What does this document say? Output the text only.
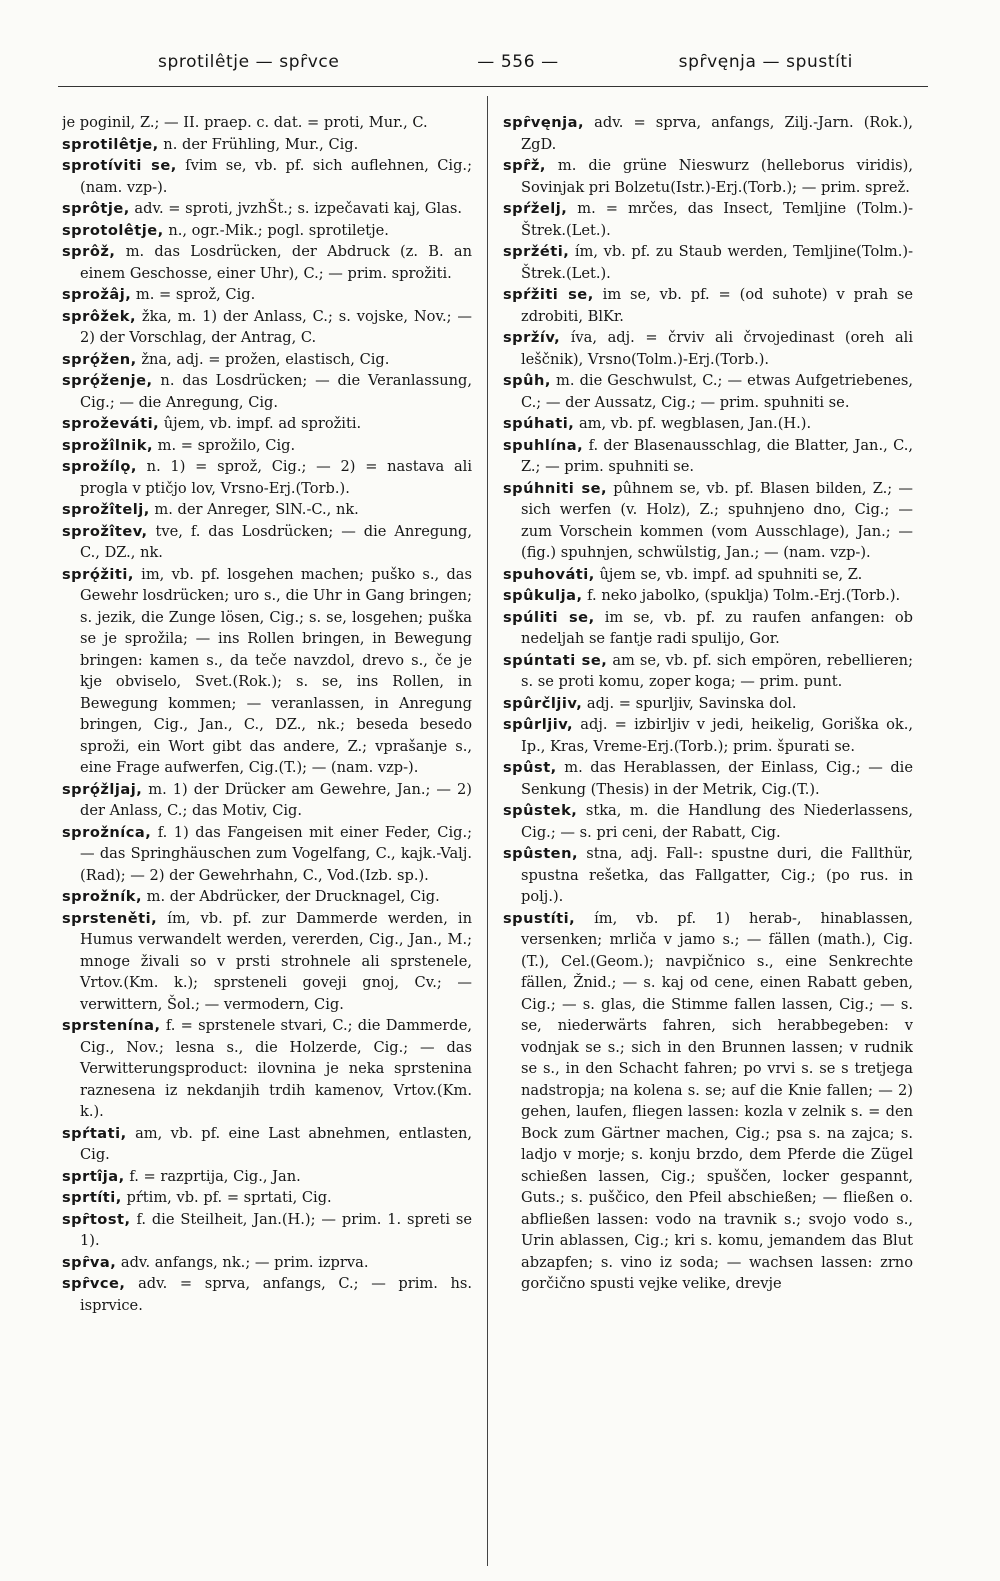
sprotilêtje — spȓvce	— 556 —	spȓvęnja — spustíti

je poginil, Z.; — II. praep. c. dat. = proti, Mur., C.

sprotilêtje, n. der Frühling, Mur., Cig.

sprotíviti se, ſvim se, vb. pf. sich auflehnen, Cig.; (nam. vzp-).

sprôtje, adv. = sproti, jvzhŠt.; s. izpečavati kaj, Glas.

sprotolêtje, n., ogr.-Mik.; pogl. sprotiletje.

sprôž, m. das Losdrücken, der Abdruck (z. B. an einem Geschosse, einer Uhr), C.; — prim. sprožiti.

sprožâj, m. = sprož, Cig.

sprôžek, žka, m. 1) der Anlass, C.; s. vojske, Nov.; — 2) der Vorschlag, der Antrag, C.

sprǫ́žen, žna, adj. = prožen, elastisch, Cig.

sprǫ́ženje, n. das Losdrücken; — die Veranlassung, Cig.; — die Anregung, Cig.

sproževáti, ûjem, vb. impf. ad sprožiti.

sprožîlnik, m. = sprožilo, Cig.

sprožílǫ, n. 1) = sprož, Cig.; — 2) = nastava ali progla v ptičjo lov, Vrsno-Erj.(Torb.).

sprožîtelj, m. der Anreger, SlN.-C., nk.

sprožîtev, tve, f. das Losdrücken; — die Anregung, C., DZ., nk.

sprǫ́žiti, im, vb. pf. losgehen machen; puško s., das Gewehr losdrücken; uro s., die Uhr in Gang bringen; s. jezik, die Zunge lösen, Cig.; s. se, losgehen; puška se je sprožila; — ins Rollen bringen, in Bewegung bringen: kamen s., da teče navzdol, drevo s., če je kje obviselo, Svet.(Rok.); s. se, ins Rollen, in Bewegung kommen; — veranlassen, in Anregung bringen, Cig., Jan., C., DZ., nk.; beseda besedo sproži, ein Wort gibt das andere, Z.; vprašanje s., eine Frage aufwerfen, Cig.(T.); — (nam. vzp-).

sprǫ́žljaj, m. 1) der Drücker am Gewehre, Jan.; — 2) der Anlass, C.; das Motiv, Cig.

sprožníca, f. 1) das Fangeisen mit einer Feder, Cig.; — das Springhäuschen zum Vogelfang, C., kajk.-Valj.(Rad); — 2) der Gewehrhahn, C., Vod.(Izb. sp.).

sprožník, m. der Abdrücker, der Drucknagel, Cig.

sprsteněti, ím, vb. pf. zur Dammerde werden, in Humus verwandelt werden, vererden, Cig., Jan., M.; mnoge živali so v prsti strohnele ali sprstenele, Vrtov.(Km. k.); sprsteneli goveji gnoj, Cv.; — verwittern, Šol.; — vermodern, Cig.

sprstenína, f. = sprstenele stvari, C.; die Dammerde, Cig., Nov.; lesna s., die Holzerde, Cig.; — das Verwitterungsproduct: ilovnina je neka sprstenina raznesena iz nekdanjih trdih kamenov, Vrtov.(Km. k.).

spŕtati, am, vb. pf. eine Last abnehmen, entlasten, Cig.

sprtîja, f. = razprtija, Cig., Jan.

sprtíti, pŕtim, vb. pf. = sprtati, Cig.

spȓtost, f. die Steilheit, Jan.(H.); — prim. 1. spreti se 1).

spȓva, adv. anfangs, nk.; — prim. izprva.

spȓvce, adv. = sprva, anfangs, C.; — prim. hs. isprvice.

spȓvęnja, adv. = sprva, anfangs, Zilj.-Jarn. (Rok.), ZgD.

spȓž, m. die grüne Nieswurz (helleborus viridis), Sovinjak pri Bolzetu(Istr.)-Erj.(Torb.); — prim. sprež.

spŕželj, m. = mrčes, das Insect, Temljine (Tolm.)-Štrek.(Let.).

spržéti, ím, vb. pf. zu Staub werden, Temljine(Tolm.)-Štrek.(Let.).

spŕžiti se, im se, vb. pf. = (od suhote) v prah se zdrobiti, BlKr.

spržív, íva, adj. = črviv ali črvojedinast (oreh ali leščnik), Vrsno(Tolm.)-Erj.(Torb.).

spûh, m. die Geschwulst, C.; — etwas Aufgetriebenes, C.; — der Aussatz, Cig.; — prim. spuhniti se.

spúhati, am, vb. pf. wegblasen, Jan.(H.).

spuhlína, f. der Blasenausschlag, die Blatter, Jan., C., Z.; — prim. spuhniti se.

spúhniti se, pûhnem se, vb. pf. Blasen bilden, Z.; — sich werfen (v. Holz), Z.; spuhnjeno dno, Cig.; — zum Vorschein kommen (vom Ausschlage), Jan.; — (fig.) spuhnjen, schwülstig, Jan.; — (nam. vzp-).

spuhováti, ûjem se, vb. impf. ad spuhniti se, Z.

spûkulja, f. neko jabolko, (spuklja) Tolm.-Erj.(Torb.).

spúliti se, im se, vb. pf. zu raufen anfangen: ob nedeljah se fantje radi spulijo, Gor.

spúntati se, am se, vb. pf. sich empören, rebellieren; s. se proti komu, zoper koga; — prim. punt.

spûrčljiv, adj. = spurljiv, Savinska dol.

spûrljiv, adj. = izbirljiv v jedi, heikelig, Goriška ok., Ip., Kras, Vreme-Erj.(Torb.); prim. špurati se.

spûst, m. das Herablassen, der Einlass, Cig.; — die Senkung (Thesis) in der Metrik, Cig.(T.).

spûstek, stka, m. die Handlung des Niederlassens, Cig.; — s. pri ceni, der Rabatt, Cig.

spûsten, stna, adj. Fall-: spustne duri, die Fallthür, spustna rešetka, das Fallgatter, Cig.; (po rus. in polj.).

spustíti, ím, vb. pf. 1) herab-, hinablassen, versenken; mrliča v jamo s.; — fällen (math.), Cig.(T.), Cel.(Geom.); navpičnico s., eine Senkrechte fällen, Žnid.; — s. kaj od cene, einen Rabatt geben, Cig.; — s. glas, die Stimme fallen lassen, Cig.; — s. se, niederwärts fahren, sich herabbegeben: v vodnjak se s.; sich in den Brunnen lassen; v rudnik se s., in den Schacht fahren; po vrvi s. se s tretjega nadstropja; na kolena s. se; auf die Knie fallen; — 2) gehen, laufen, fliegen lassen: kozla v zelnik s. = den Bock zum Gärtner machen, Cig.; psa s. na zajca; s. ladjo v morje; s. konju brzdo, dem Pferde die Zügel schießen lassen, Cig.; spuščen, locker gespannt, Guts.; s. puščico, den Pfeil abschießen; — fließen o. abfließen lassen: vodo na travnik s.; svojo vodo s., Urin ablassen, Cig.; kri s. komu, jemandem das Blut abzapfen; s. vino iz soda; — wachsen lassen: zrno gorčično spusti vejke velike, drevje
